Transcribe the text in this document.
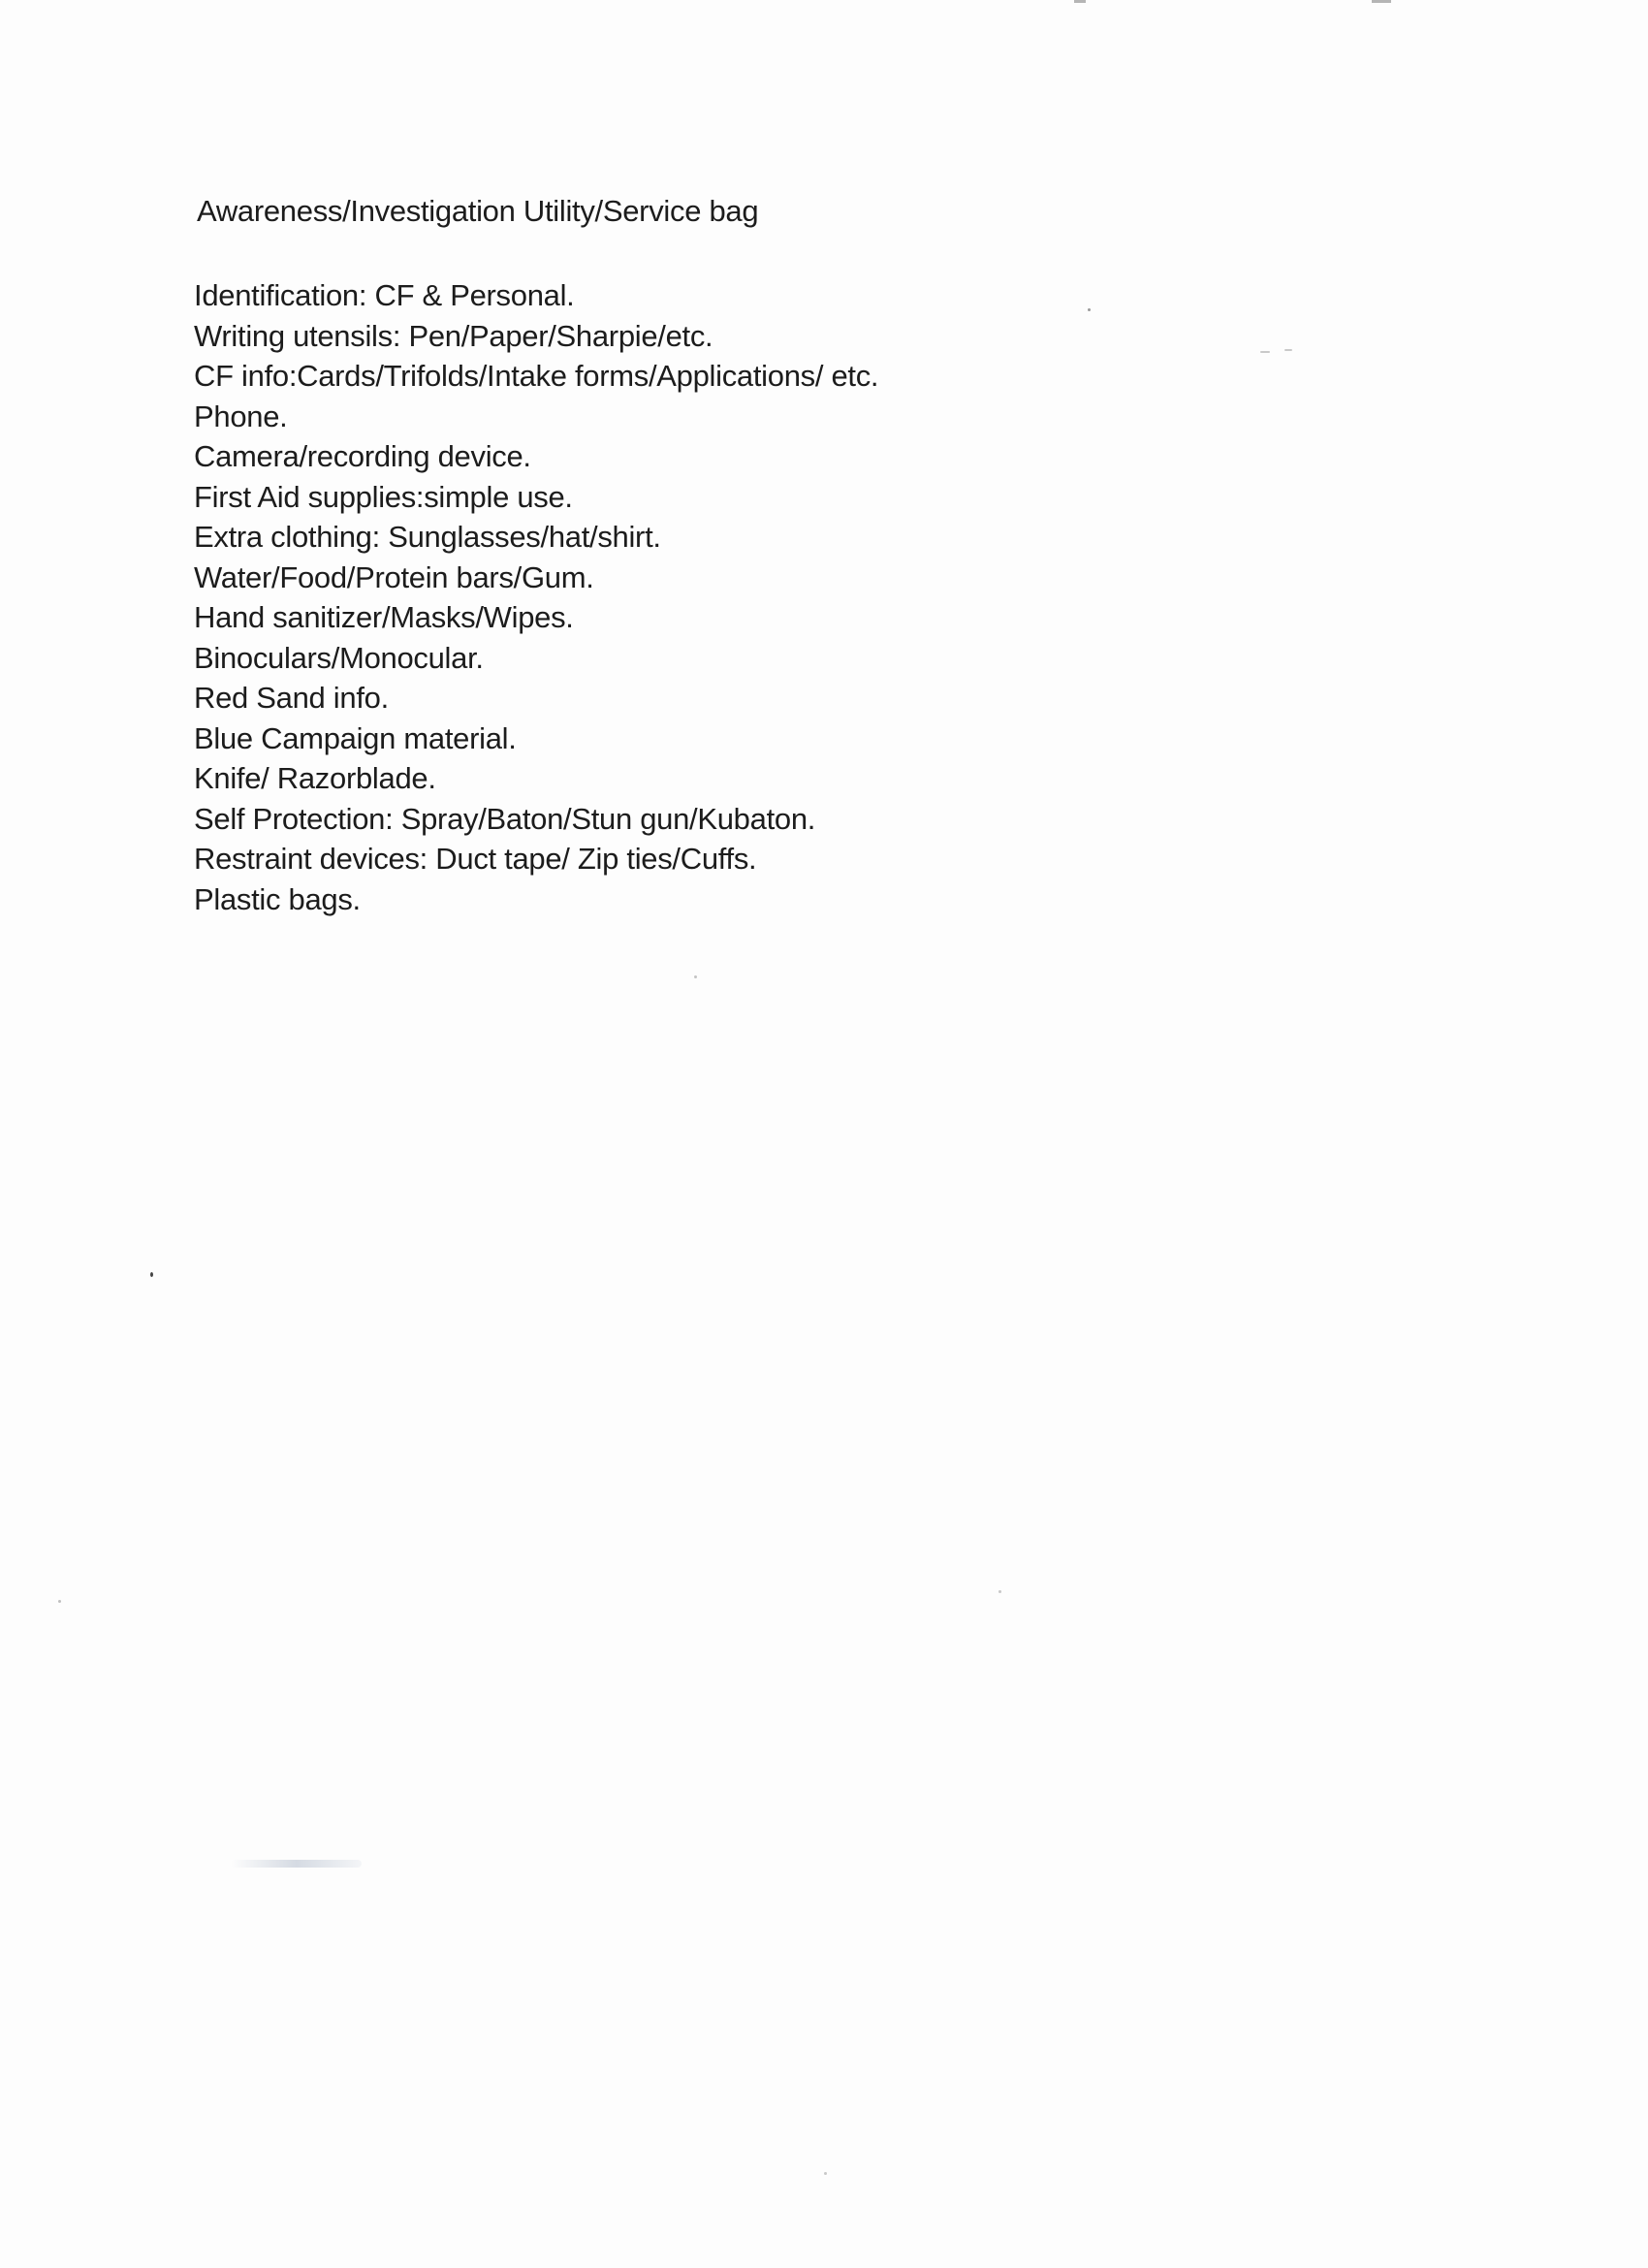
Awareness/Investigation Utility/Service bag
Identification: CF & Personal.
Writing utensils: Pen/Paper/Sharpie/etc.
CF info:Cards/Trifolds/Intake forms/Applications/ etc.
Phone.
Camera/recording device.
First Aid supplies:simple use.
Extra clothing: Sunglasses/hat/shirt.
Water/Food/Protein bars/Gum.
Hand sanitizer/Masks/Wipes.
Binoculars/Monocular.
Red Sand info.
Blue Campaign material.
Knife/ Razorblade.
Self Protection: Spray/Baton/Stun gun/Kubaton.
Restraint devices: Duct tape/ Zip ties/Cuffs.
Plastic bags.
